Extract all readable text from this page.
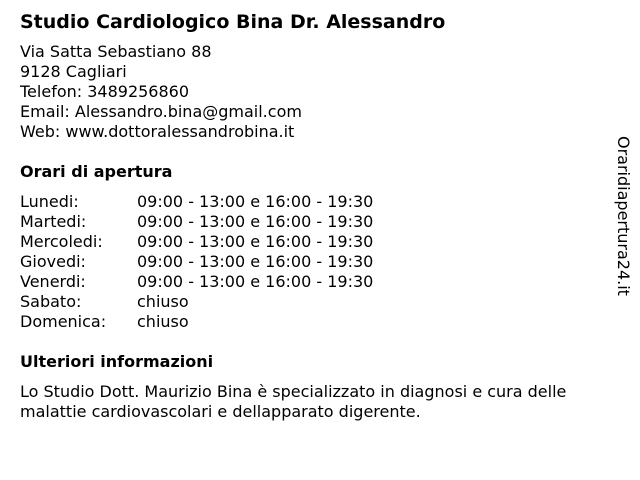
Studio Cardiologico Bina Dr. Alessandro
Via Satta Sebastiano 88
9128 Cagliari
Telefon: 3489256860
Email: Alessandro.bina@gmail.com
Web: www.dottoralessandrobina.it
Orari di apertura
Lunedi:	09:00 - 13:00 e 16:00 - 19:30
Martedi:	09:00 - 13:00 e 16:00 - 19:30
Mercoledi: 09:00 - 13:00 e 16:00 - 19:30
Giovedi:	09:00 - 13:00 e 16:00 - 19:30
Venerdi:	09:00 - 13:00 e 16:00 - 19:30
Sabato:	chiuso
Domenica: chiuso
Ulteriori informazioni
Lo Studio Dott. Maurizio Bina è specializzato in diagnosi e cura delle
malattie cardiovascolari e dellapparato digerente.
Oraridiapertura24.it
